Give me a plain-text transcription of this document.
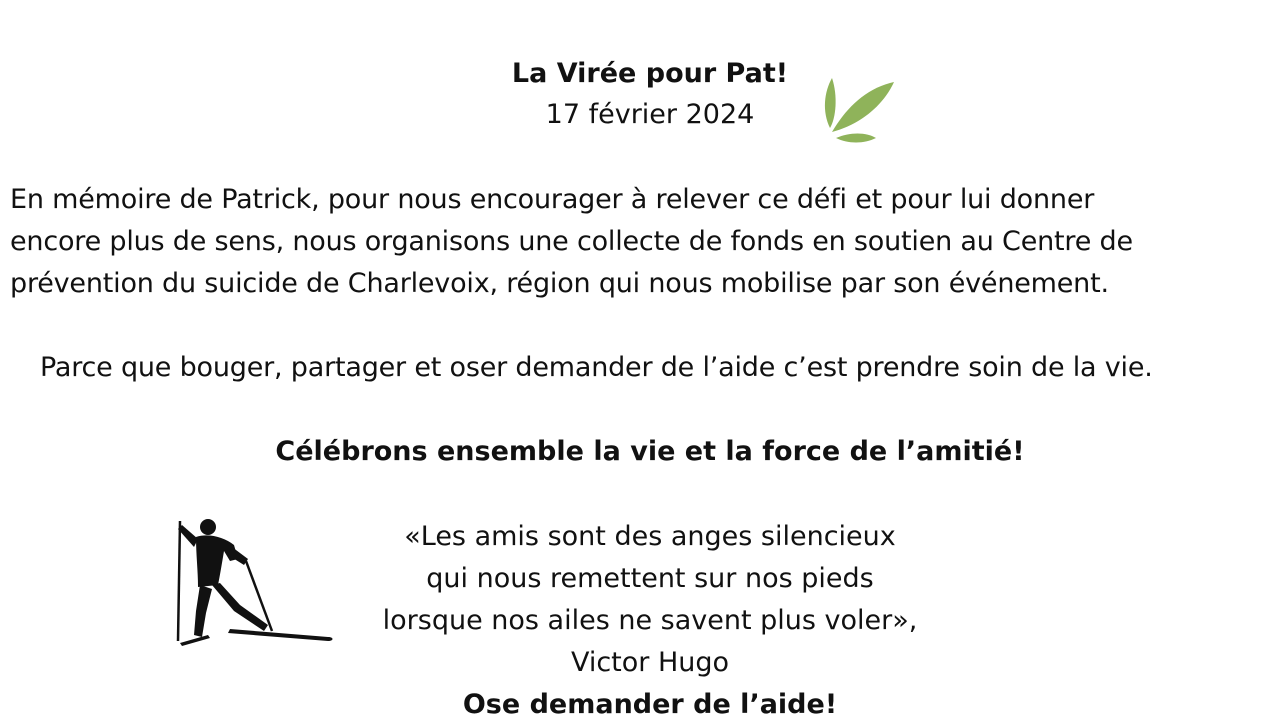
La Virée pour Pat!
17 février 2024

En mémoire de Patrick, pour nous encourager à relever ce défi et pour lui donner

encore plus de sens, nous organisons une collecte de fonds en soutien au Centre de

prévention du suicide de Charlevoix, région qui nous mobilise par son événement.

Parce que bouger, partager et oser demander de l’aide c’est prendre soin de la vie.

Célébrons ensemble la vie et la force de l’amitié!

«Les amis sont des anges silencieux

qui nous remettent sur nos pieds

lorsque nos ailes ne savent plus voler»,

Victor Hugo

Ose demander de l’aide!
